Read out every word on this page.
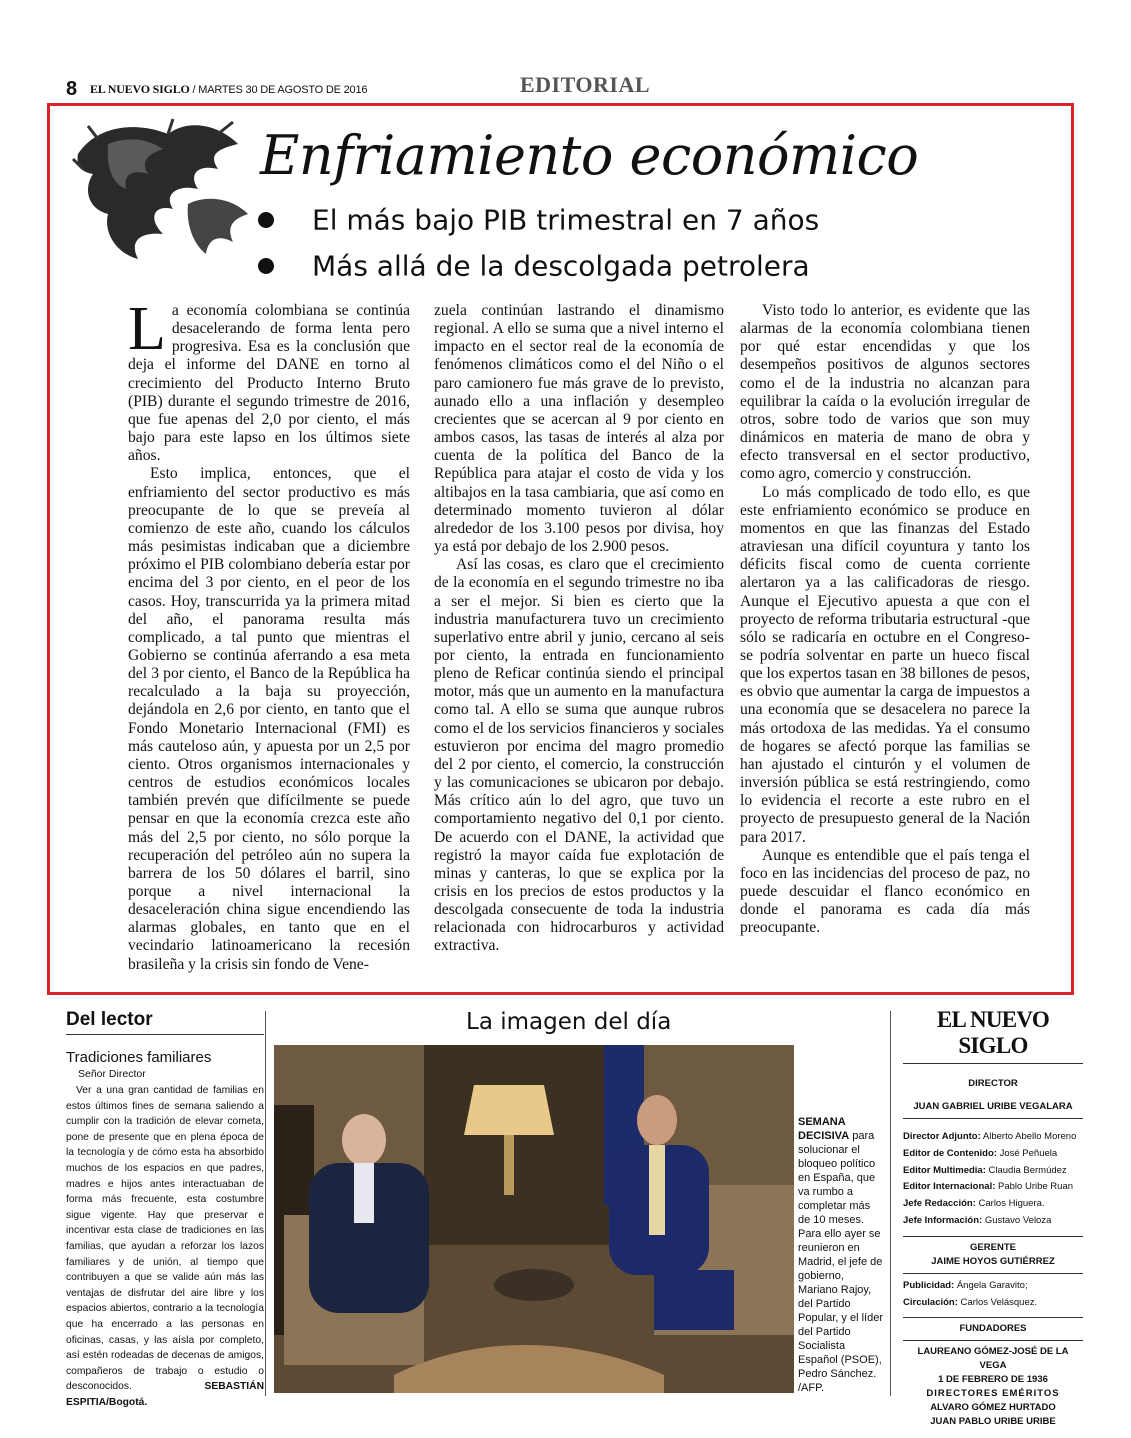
8 EL NUEVO SIGLO / MARTES 30 DE AGOSTO DE 2016	EDITORIAL
Enfriamiento económico
El más bajo PIB trimestral en 7 años
Más allá de la descolgada petrolera

La economía colombiana se continúa desacelerando de forma lenta pero progresiva. Esa es la conclusión que deja el informe del DANE en torno al crecimiento del Producto Interno Bruto (PIB) durante el segundo trimestre de 2016, que fue apenas del 2,0 por ciento, el más bajo para este lapso en los últimos siete años.

Esto implica, entonces, que el enfriamiento del sector productivo es más preocupante de lo que se preveía al comienzo de este año, cuando los cálculos más pesimistas indicaban que a diciembre próximo el PIB colombiano debería estar por encima del 3 por ciento, en el peor de los casos. Hoy, transcurrida ya la primera mitad del año, el panorama resulta más complicado, a tal punto que mientras el Gobierno se continúa aferrando a esa meta del 3 por ciento, el Banco de la República ha recalculado a la baja su proyección, dejándola en 2,6 por ciento, en tanto que el Fondo Monetario Internacional (FMI) es más cauteloso aún, y apuesta por un 2,5 por ciento. Otros organismos internacionales y centros de estudios económicos locales también prevén que difícilmente se puede pensar en que la economía crezca este año más del 2,5 por ciento, no sólo porque la recuperación del petróleo aún no supera la barrera de los 50 dólares el barril, sino porque a nivel internacional la desaceleración china sigue encendiendo las alarmas globales, en tanto que en el vecindario latinoamericano la recesión brasileña y la crisis sin fondo de Vene-

zuela continúan lastrando el dinamismo regional. A ello se suma que a nivel interno el impacto en el sector real de la economía de fenómenos climáticos como el del Niño o el paro camionero fue más grave de lo previsto, aunado ello a una inflación y desempleo crecientes que se acercan al 9 por ciento en ambos casos, las tasas de interés al alza por cuenta de la política del Banco de la República para atajar el costo de vida y los altibajos en la tasa cambiaria, que así como en determinado momento tuvieron al dólar alrededor de los 3.100 pesos por divisa, hoy ya está por debajo de los 2.900 pesos.

Así las cosas, es claro que el crecimiento de la economía en el segundo trimestre no iba a ser el mejor. Si bien es cierto que la industria manufacturera tuvo un crecimiento superlativo entre abril y junio, cercano al seis por ciento, la entrada en funcionamiento pleno de Reficar continúa siendo el principal motor, más que un aumento en la manufactura como tal. A ello se suma que aunque rubros como el de los servicios financieros y sociales estuvieron por encima del magro promedio del 2 por ciento, el comercio, la construcción y las comunicaciones se ubicaron por debajo. Más crítico aún lo del agro, que tuvo un comportamiento negativo del 0,1 por ciento. De acuerdo con el DANE, la actividad que registró la mayor caída fue explotación de minas y canteras, lo que se explica por la crisis en los precios de estos productos y la descolgada consecuente de toda la industria relacionada con hidrocarburos y actividad extractiva.

Visto todo lo anterior, es evidente que las alarmas de la economía colombiana tienen por qué estar encendidas y que los desempeños positivos de algunos sectores como el de la industria no alcanzan para equilibrar la caída o la evolución irregular de otros, sobre todo de varios que son muy dinámicos en materia de mano de obra y efecto transversal en el sector productivo, como agro, comercio y construcción.

Lo más complicado de todo ello, es que este enfriamiento económico se produce en momentos en que las finanzas del Estado atraviesan una difícil coyuntura y tanto los déficits fiscal como de cuenta corriente alertaron ya a las calificadoras de riesgo. Aunque el Ejecutivo apuesta a que con el proyecto de reforma tributaria estructural -que sólo se radicaría en octubre en el Congreso- se podría solventar en parte un hueco fiscal que los expertos tasan en 38 billones de pesos, es obvio que aumentar la carga de impuestos a una economía que se desacelera no parece la más ortodoxa de las medidas. Ya el consumo de hogares se afectó porque las familias se han ajustado el cinturón y el volumen de inversión pública se está restringiendo, como lo evidencia el recorte a este rubro en el proyecto de presupuesto general de la Nación para 2017.

Aunque es entendible que el país tenga el foco en las incidencias del proceso de paz, no puede descuidar el flanco económico en donde el panorama es cada día más preocupante.

Del lector
Tradiciones familiares
Señor Director
Ver a una gran cantidad de familias en estos últimos fines de semana saliendo a cumplir con la tradición de elevar cometa, pone de presente que en plena época de la tecnología y de cómo esta ha absorbido muchos de los espacios en que padres, madres e hijos antes interactuaban de forma más frecuente, esta costumbre sigue vigente. Hay que preservar e incentivar esta clase de tradiciones en las familias, que ayudan a reforzar los lazos familiares y de unión, al tiempo que contribuyen a que se valide aún más las ventajas de disfrutar del aire libre y los espacios abiertos, contrario a la tecnología que ha encerrado a las personas en oficinas, casas, y las aísla por completo, así estén rodeadas de decenas de amigos, compañeros de trabajo o estudio o desconocidos.	SEBASTIÁN ESPITIA/Bogotá.
La imagen del día
SEMANA DECISIVA para solucionar el bloqueo político en España, que va rumbo a completar más de 10 meses. Para ello ayer se reunieron en Madrid, el jefe de gobierno, Mariano Rajoy, del Partido Popular, y el líder del Partido Socialista Español (PSOE), Pedro Sánchez. /AFP.
EL NUEVO SIGLO
DIRECTOR
JUAN GABRIEL URIBE VEGALARA
Director Adjunto: Alberto Abello Moreno
Editor de Contenido: José Peñuela
Editor Multimedia: Claudia Bermúdez
Editor Internacional: Pablo Uribe Ruan
Jefe Redacción: Carlos Higuera.
Jefe Información: Gustavo Veloza
GERENTE
JAIME HOYOS GUTIÉRREZ
Publicidad: Ángela Garavito;
Circulación: Carlos Velásquez.
FUNDADORES
LAUREANO GÓMEZ-JOSÉ DE LA VEGA
1 DE FEBRERO DE 1936
DIRECTORES EMÉRITOS
ALVARO GÓMEZ HURTADO
JUAN PABLO URIBE URIBE
